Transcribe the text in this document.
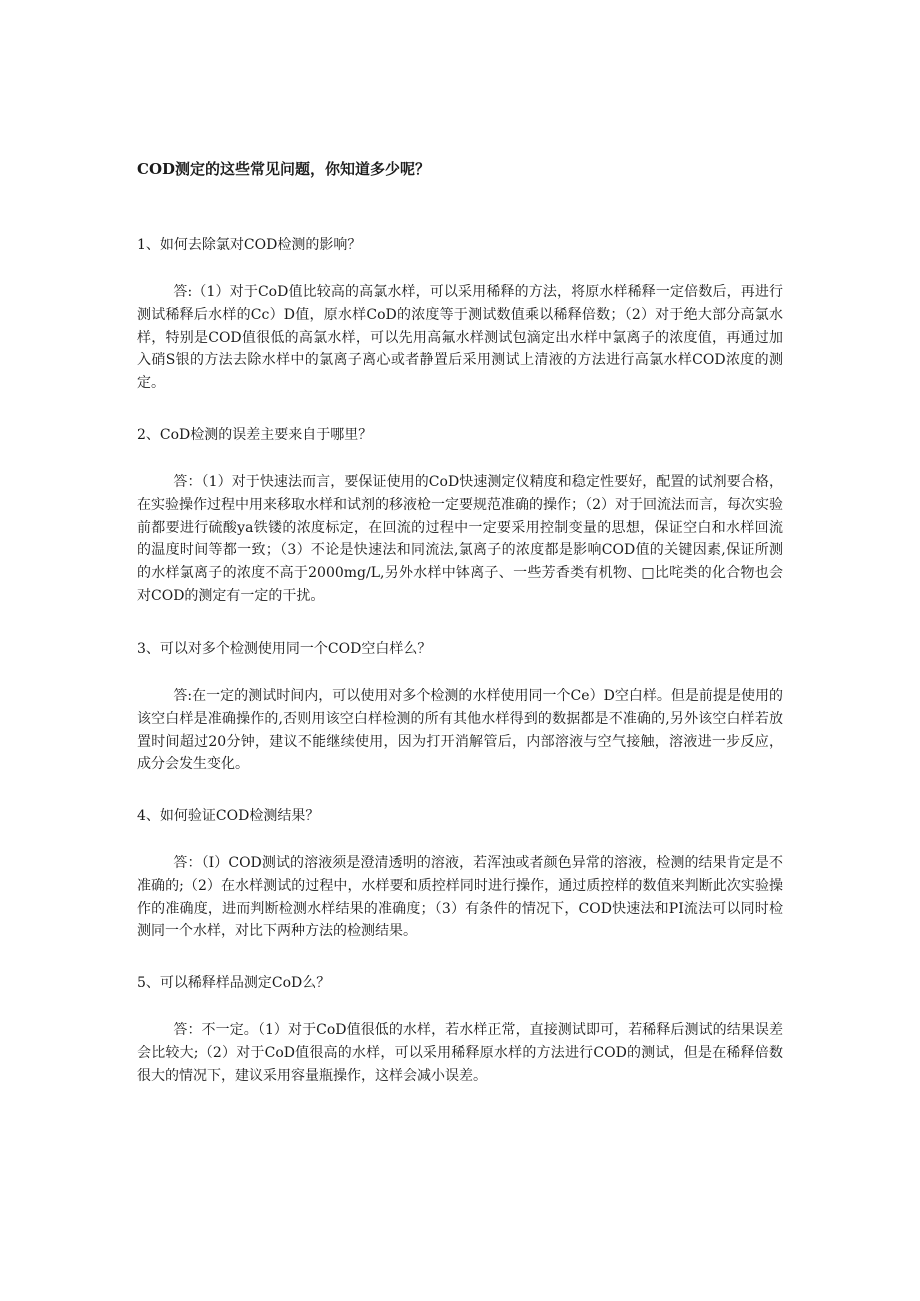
COD测定的这些常见问题，你知道多少呢？
1、如何去除氯对COD检测的影响？
答:（1）对于CoD值比较高的高氯水样，可以采用稀释的方法，将原水样稀释一定倍数后，再进行测试稀释后水样的Cc）D值，原水样CoD的浓度等于测试数值乘以稀释倍数；（2）对于绝大部分高氯水样，特别是COD值很低的高氯水样，可以先用高氟水样测试包滴定出水样中氯离子的浓度值，再通过加入硝S银的方法去除水样中的氯离子离心或者静置后采用测试上清液的方法进行高氯水样COD浓度的测定。
2、CoD检测的误差主要来自于哪里？
答：（1）对于快速法而言，要保证使用的CoD快速测定仪精度和稳定性要好，配置的试剂要合格，在实验操作过程中用来移取水样和试剂的移液枪一定要规范准确的操作；（2）对于回流法而言，每次实验前都要进行硫酸ya铁镂的浓度标定，在回流的过程中一定要采用控制变量的思想，保证空白和水样回流的温度时间等都一致；（3）不论是快速法和同流法,氯离子的浓度都是影响COD值的关键因素,保证所测的水样氯离子的浓度不高于2000mg∕L,另外水样中钵离子、一些芳香类有机物、□比咤类的化合物也会对COD的测定有一定的干扰。
3、可以对多个检测使用同一个COD空白样么？
答:在一定的测试时间内，可以使用对多个检测的水样使用同一个Ce）D空白样。但是前提是使用的该空白样是准确操作的,否则用该空白样检测的所有其他水样得到的数据都是不准确的,另外该空白样若放置时间超过20分钟，建议不能继续使用，因为打开消解管后，内部溶液与空气接触，溶液进一步反应，成分会发生变化。
4、如何验证COD检测结果？
答：（I）COD测试的溶液须是澄清透明的溶液，若浑浊或者颜色异常的溶液，检测的结果肯定是不准确的;（2）在水样测试的过程中，水样要和质控样同时进行操作，通过质控样的数值来判断此次实验操作的准确度，进而判断检测水样结果的准确度；（3）有条件的情况下，COD快速法和PI流法可以同时检测同一个水样，对比下两种方法的检测结果。
5、可以稀释样品测定CoD么？
答：不一定。（1）对于CoD值很低的水样，若水样正常，直接测试即可，若稀释后测试的结果误差会比较大;（2）对于CoD值很高的水样，可以采用稀释原水样的方法进行COD的测试，但是在稀释倍数很大的情况下，建议采用容量瓶操作，这样会减小误差。
